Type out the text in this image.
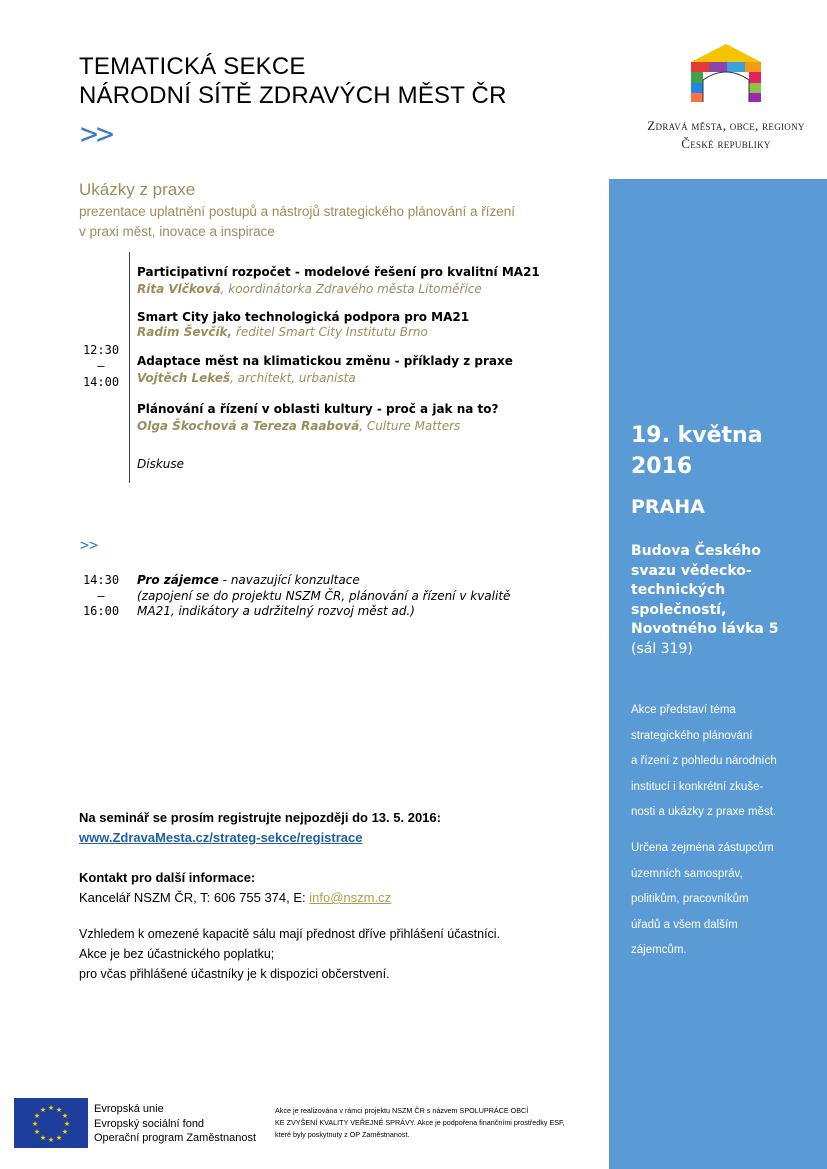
TEMATICKÁ SEKCE
NÁRODNÍ SÍTĚ ZDRAVÝCH MĚST ČR
>>	Zdravá města, obce, regiony
České republiky
Ukázky z praxe
prezentace uplatnění postupů a nástrojů strategického plánování a řízení
v praxi měst, inovace a inspirace
12:30
–
14:00
Participativní rozpočet - modelové řešení pro kvalitní MA21
Rita Vlčková, koordinátorka Zdravého města Litoměřice
Smart City jako technologická podpora pro MA21
Radim Ševčík, ředitel Smart City Institutu Brno
Adaptace měst na klimatickou změnu - příklady z praxe
Vojtěch Lekeš, architekt, urbanista
Plánování a řízení v oblasti kultury - proč a jak na to?
Olga Škochová a Tereza Raabová, Culture Matters
Diskuse
>>
14:30
–
16:00
Pro zájemce - navazující konzultace
(zapojení se do projektu NSZM ČR, plánování a řízení v kvalitě
MA21, indikátory a udržitelný rozvoj měst ad.)
Na seminář se prosím registrujte nejpozději do 13. 5. 2016:
www.ZdravaMesta.cz/strateg-sekce/registrace
Kontakt pro další informace:
Kancelář NSZM ČR, T: 606 755 374, E: info@nszm.cz
Vzhledem k omezené kapacitě sálu mají přednost dříve přihlášení účastníci.
Akce je bez účastnického poplatku;
pro včas přihlášené účastníky je k dispozici občerstvení.
19. května
2016
PRAHA
Budova Českého
svazu vědecko-
technických
společností,
Novotného lávka 5
(sál 319)
Akce představí téma
strategického plánování
a řízení z pohledu národních
institucí i konkrétní zkuše-
nosti a ukázky z praxe měst.
Určena zejména zástupcům
územních samospráv,
politikům, pracovníkům
úřadů a všem dalším
zájemcům.
★ ★
★
★
★
★
★
★
★
★
★
★	Evropská unie
Evropský sociální fond
Operační program Zaměstnanost
Akce je realizována v rámci projektu NSZM ČR s názvem SPOLUPRÁCE OBCÍ
KE ZVYŠENÍ KVALITY VEŘEJNÉ SPRÁVY. Akce je podpořena finančními prostředky ESF,
které byly poskytnuty z OP Zaměstnanost.
